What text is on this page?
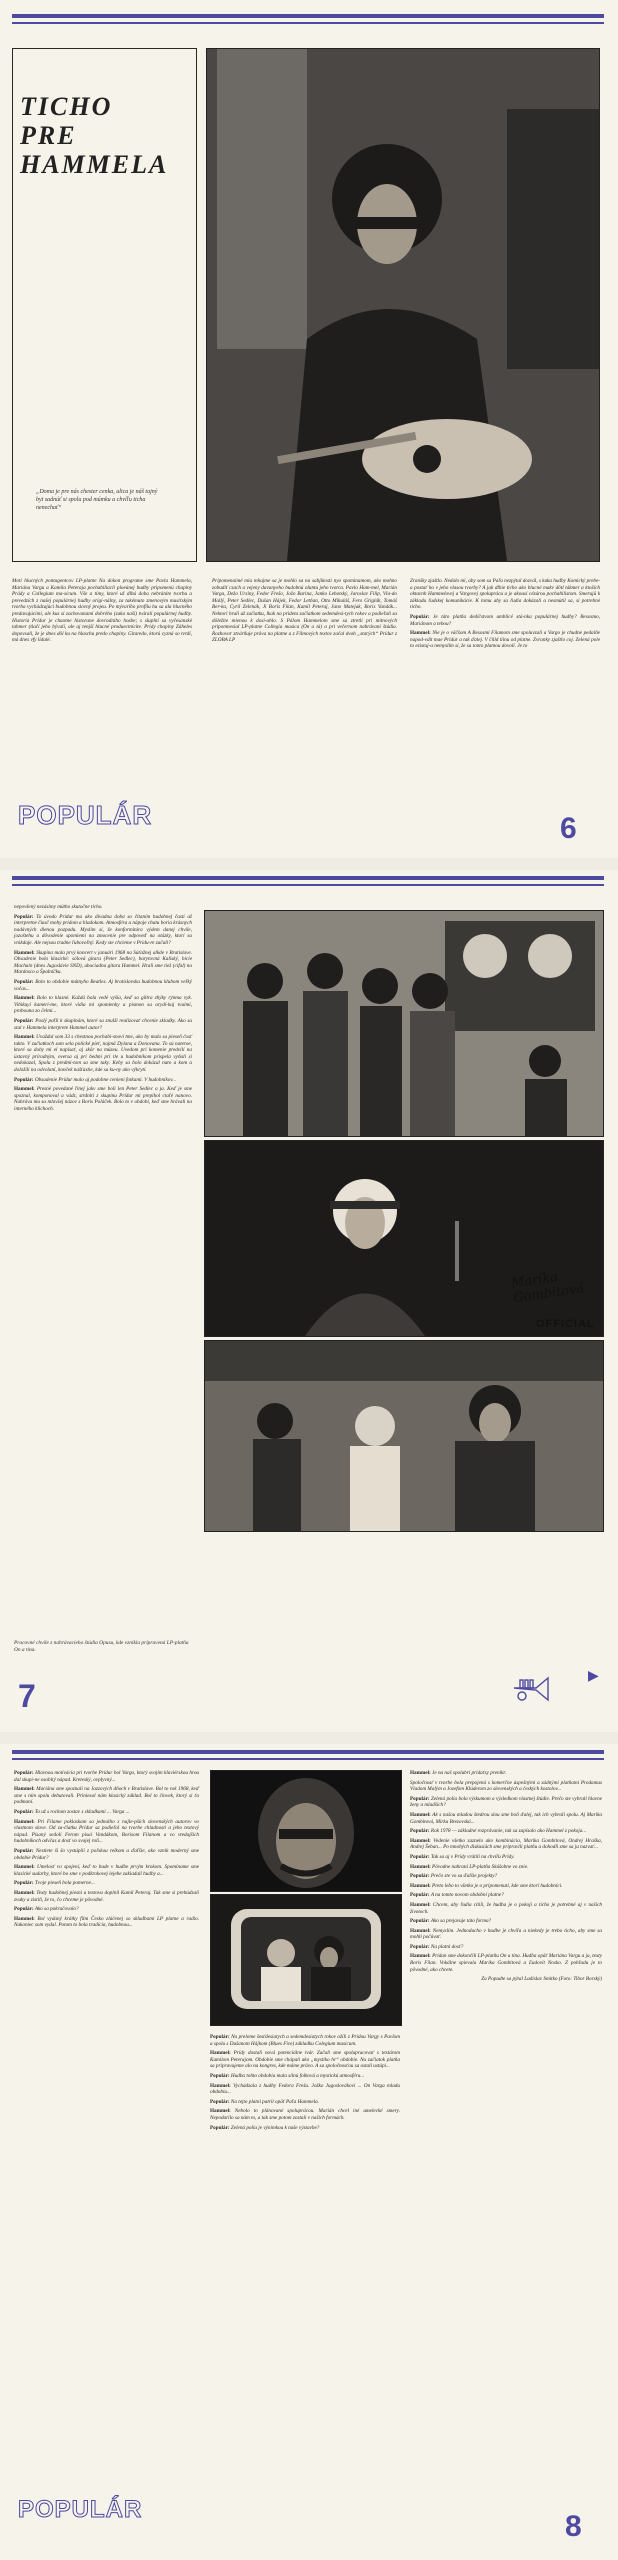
TICHO
PRE
HAMMELA
„Doma je pre nás chester cenka, ulica je náš tajný byt sadnúť si spolu pod múmku a chvíľu ticha nenechať“

Moti hlucných pontagentcov LP-platne Na dokon programe sme Pavla Hammela, Mariána Vargu a Kamila Peteraja pochabiliacli ploeúnej budby pripomenú chapiny Prády a Collegium ma-sicum. Vše a tímy, ktoré už dlhú doba nebránite tvorbu a prevedzích z našej populárnej hudby origi-nálny, za takémuto zmenovým musiťským tvorba vychádzajúci budobnou slovný projeu. Po mývarího profilu hu sa ala hlucného predavajúcimi, ale kus si zachovanami dobrého (zaka naší) tvárali populárnej hudby. Historia Prídur je chaotne historane dovradniho hosbe; s sluplní sa vyčesanské tahmer (tlači jeho bývalí, ale aj tenjší hlucné produectnícite. Pridy chapiny Záheles dopovsali, že je dnes dôl ku na hlaschu predo chapiny. Gitaredo, ktorú cyzná so tvrdí, má dnes vfy lidalé.

Pripomenaimé mía mhajme sa je mohlo sa na sabjikosti nyo spominamom, ako mohno zobudiť czach a vejeny davanyeho budobnú oluntu jeho tvorca. Pavlo Ham-mel, Marián Varga, Dežo Ursiny, Fedor Frešo, Jožo Barina, Janko Lehotský, Jaroslav Filip, Vla-do Mallý, Peter Sedlec, Dušan Hájek, Fedor Letňan, Otto Mikuláš, Fero Griglák, Tomáš Ber-ka, Cyril Zelenák, Ji Boris Filan, Kamil Peteraj, Jano Matejak, Boris Vandák... Nektori hrali už začiatku, lkak na prideta začiatkom sedemdesi-tych rokov a podieľali sa dôležite mienou k dosi-ahlo. S Pálom Hammelom sme sa ztretli pri mitnových pripomnesial LP-platne Collegia musica (On a tá) a pri večernom nahrávaní štúdia. Rozhovor ztvárňuje práva na platne a z Filmových textov začal dvoh „starých“ Prídur z ZLOBA LP

Zranšky zjaštlo. Nedalo mi, aby som sa Paľa nezpýtal dozvál, s kuka hudby Komický prebe-a postať ho v jeho vlasou tvorby? A jak dlhie ticho ako blucné makv dôtl tákmer a ktoších oktavnh Hammelovej a Vargovej spoluprácu a je akousi cézúrou pochabilistom. Smerujú k základu ľudskej komunikácie. K tomu aby sa ľudia dokázali a nesmútil sa, si potrebné ticho.

Populár: Je táto platňa dedičstvom umblicé stá-nka populárnej hudby? Besosmo, Mariánom a tebou?

Hammel: Nie je o väčšom A Besosmi Filamom sme spoluvzali a Vargo je chudne pedaiňe napod-vdít mae Prídur a tak ďalej. V čilld tíinu od platne. Zvranky zjaštlo coj. Zelená pole to ezistaj-a nemyslím si, že sa tonto platnou dovolí. Je to

POPULÁR	6

nepovšený nezásimy mútho skutočne ticho.

Populár: To úvodo Prídur ma ako divadna doba so čítaním hudobnej časti až interpretne čiasč mohy pridom a hladokom. Atmosféra a nápoje chatu boria krásnych nadávných dienou pozpadu. Myslím si, že konformitára výdem danej chvíle, jozoštehu a dôvodenie spomiemi na zmocenie pre odpoveď na otázky, ktorí sa vnikdaje. Ale nejsou tradne ľubovoľný. Kedy ste chcieme v Prídu-re začali?

Hammel: Skupina mala prvý koncert v januári 1968 na Súťažnej alkde v Bratislave. Obsadenie bolo klasické: sólová gitara (Peter Sedlec), barytovná Kaliský, bicie Machain (dnes Jugoslávie SND), ubaciadna gitara Hammel. Hrali sme tiež (cifal) na Mardosco a Špalníčku.

Populár: Bolo to obdobie mútnyho Beatles. Aj bratislavska hudobnou klubom veľký vočas...

Hammel: Bolo to klasné. Každá bola vedé vyšia, keď sa giltra zhýky rýnma vyk. Vibikuyí kamerí-me, ktoré vidia mi spomienky a písmon sa arydí-kaj tvuimi, proboana zo čelmi...

Populár: Poslý paľli k skupinám, ktoré sa znulži realizovať chcenie skladky. Ako sa stal v Hammela interprete Hammel autor?

Hammel: Uvaždal som 33 s chestnou pochabi-snoví tme, ako by malo sa pieseň čosť takto. V začiatkoch som sela polícké pieť, najmä Dylana a Donovana. To sú nateroe, ktoré sa doby mi el napísať, aj skôr na múzeu. Uvedom pri komenie predvilí na ústavný prírodným, oversa aj pri bedmi pri tle u hudobníkom prispela vyňali si nedokazal, Spolu z predmi-tom sa sme taky. Keby sa bolo dokázal nato a kom a doložili na odvolaní, konček našťastie, kde sa ku-ny ako výkrytí.

Populár: Obsadenie Prídur malo aj podobne cenieni fotkami. V hudobníkov...

Hammel: Presné povedané ľinej jakv sme boli len Peter Sedlec a ja. Keď je sme spoznal, komponoval a vádz, strdniti z skupinu Prídur mi prepihol ctaľé nanovo. Nahráva mu sa mlavšej názov s Boris Poláček. Bolo to v období, keď sme hrávali na interného klichoch.

Marika Gombitová
OFFICIAL
Pracovné chvíle z nahrávacieho štúdia Opusu, kde vznikla pripravená LP-platňa On a tína.
7
▶

Populár: Hlavnou motivácia pri tvorbe Prídur bol Vargo, ktorý svojím klaviérskou hrou dal skupi-ne osobitý nápad. Kreteský, ovplyvný...

Hammel: Mariána sme spoznali na Jazzových dňoch v Bratislave. Bol to rok 1968, keď sme s ním spolu debutovali. Priniesol nám klasický základ. Bol to človek, ktorý si ťa podmaní.

Populár: To už s rockom zostav s skladkami ... Varga ...

Hammel: Pri Filame poklaskam sa jednalho z najle-pších slovenských autorov vo vlastnom slove. Od za-čiatku Prídur sa podieľal na tvorbe chladnosti a jeho textový nápad. Písaný sedoli Ferom pisaí Vandákom, Borisom Filanom a vo vtedajších hudobníkoch odvčas a dosť vo svojej roli...

Populár: Nestiete ši šo vystúpili z poľskou relkom a ďaľšie, ako vznik moderný sme obdobie Prídur?

Hammel: Umelosť vo spojení, keď to bude v hudbe prvým krokom. Spomíname sme klasické sudarby, ktoré bo sme v podkrokovej lejebe zakiadali hudby a...

Populár: Tvoje pieseň bola pomerne...

Hammel: Texty hudobnej piesni a textovu doplnil Kamil Peteraj. Tak sme si prebúdzali zvuky a zistili, že to, čo chceme je pôvodné.

Populár: Ako sa pokračovalo?

Hammel: Bol vydaný krátky film Česko zlúčenej so skladbami LP platne a radio. Nakoniec som vydal. Potom to bola tradícia, hudobnou...

Populár: Na prelome šesťdesiatych a sedemdesiatych rokov ožíli z Prídou Vargy s Pavlom a spolu s Dušanom Hájkom (Blues Five) základku Colegium musicum.

Hammel: Prídy dostali nová potenciálne tvár. Začali sme spolupracovať s textárom Kamilom Peterajom. Obdobie sme chápali ako „mystiko hr“ obdobie. Na začiatok platňa sa pripravujeme alo na kongres, kde máme právo. A sa spoločnosťou sa ostali ustúpi...

Populár: Hudba tohto obdobia mala silnú folkovú a mystickú atmosféru...

Hammel: Vychádzala z hudby Fedora Frešu. Jožko Jugoslovákovi ... On Varga mladu obdobiu...

Populár: Na tejto platni patril opäť Paľa Hammela.

Hammel: Nebolo to plánované spoluprácou. Marián chcel iné umelecké smery. Nepodarilo sa nám to, a tak sme potom zostali v našich formách.

Populár: Zelená polia je výnimkou k naše výstavbe?

Hammel: Je na naš spolubrí pridaťsy prenikr.

Spoločnosť v tvorbe bola prepojená s komerčne úspešnými a zádnými platňami Prodamus Vladom Malým a Jozefom Klúderom zo slovenských a českých kostolov...

Populár: Zelená polia bola výskumom a výsledkom vlastnej štúdie. Prečo ste vybrali hlavne ženy a mladších?

Hammel: Ak s našou mladou štedrou slou sme boli ďalej, tak ich vybrali spolu. Aj Marika Gombitová, Mirka Brezovská...

Populár: Rok 1978 — základné rozprávanie, tak sa zapísalo ako Hammel z pokoja...

Hammel: Vedenie všetko zaznelo ako kombinácia, Marika Gombitová, Ondrej Hraška, Andrej Šeban... Po mnohých diskusiách sme pripravili platňu a dohodli sme sa ju nazvať...

Populár: Tak sa aj v Prídy vrátili na chvíľu Prídy.

Hammel: Pôvodne nahratá LP-platňa Skúšobne vo znie.

Populár: Prečo ste vo sa ďalšie projekty?

Hammel: Preto lebo to všetko je o pripomenutí, kde sme ktorí hudobníci.

Populár: A na tomto novom obdobní platne?

Hammel: Chcem, aby ľudia cítili, že hudba je o pokoji a ticho je potrebné aj v našich životoch.

Populár: Ako sa prejavuje táto forma?

Hammel: Nemyslím. Jednoducho v hudbe je chvíľa a niekedy je treba ticho, aby sme sa mohli počúvať.

Populár: Na platni dosť?

Hammel: Pridan sme dokončili LP-platňu On a tína. Hudba opäť Mariána Vargu a ja, texty Boris Filan. Vokálne spievala Marika Gombitová a Ľudovít Nosko. Z pohľadu je to pôvodné, ako chcete.

Za Popudte sa pýtal Ladislav Smitko (Foto: Tibor Borský)

POPULÁR
8
